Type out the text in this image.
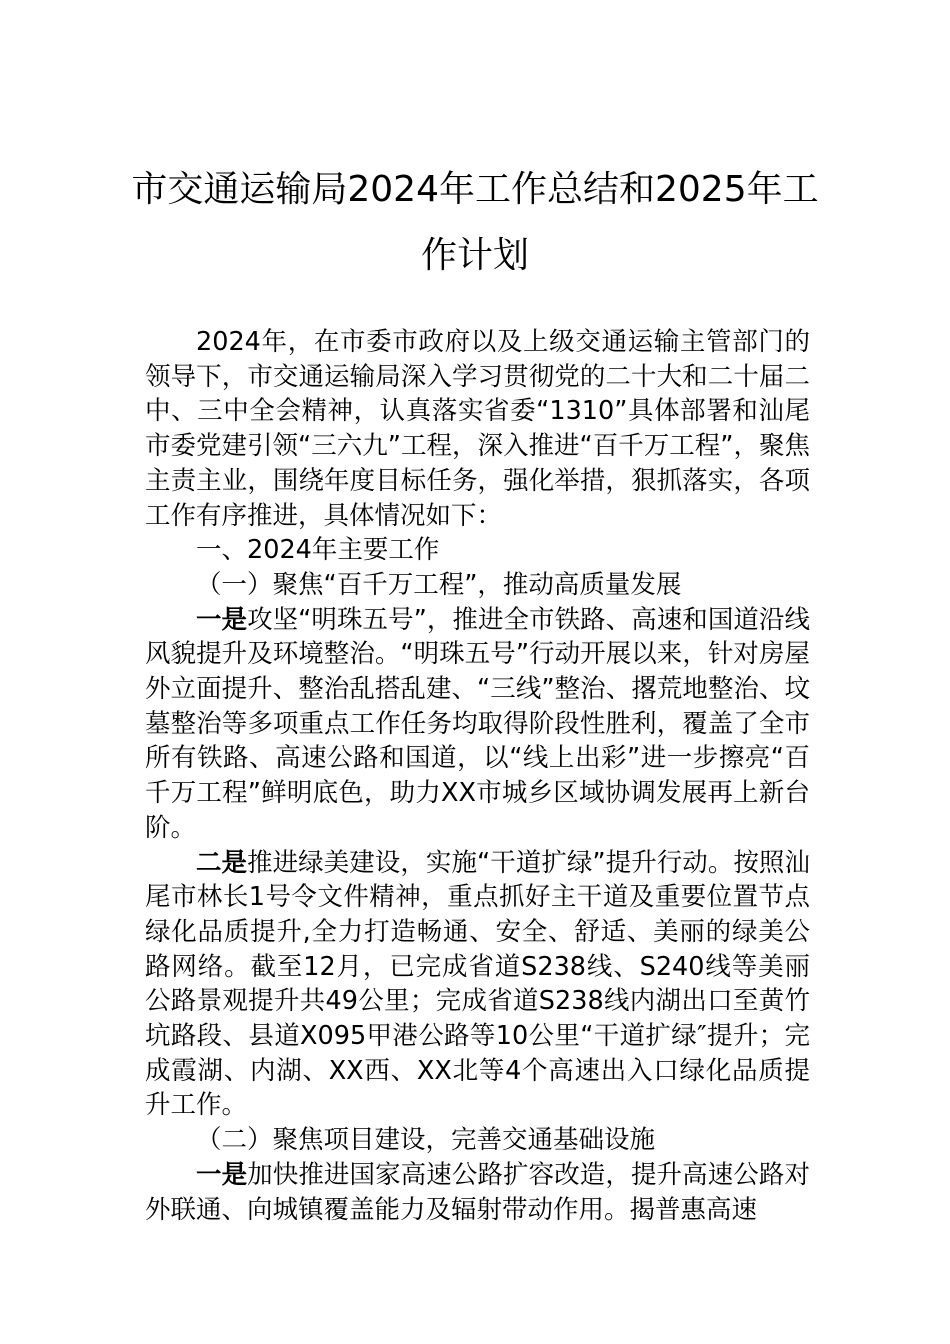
市交通运输局2024年工作总结和2025年工作计划

2024年，在市委市政府以及上级交通运输主管部门的领导下，市交通运输局深入学习贯彻党的二十大和二十届二中、三中全会精神，认真落实省委“1310”具体部署和汕尾市委党建引领“三六九”工程，深入推进“百千万工程”，聚焦主责主业，围绕年度目标任务，强化举措，狠抓落实，各项工作有序推进，具体情况如下：

一、2024年主要工作

（一）聚焦“百千万工程”，推动高质量发展

一是攻坚“明珠五号”，推进全市铁路、高速和国道沿线风貌提升及环境整治。“明珠五号”行动开展以来，针对房屋外立面提升、整治乱搭乱建、“三线”整治、撂荒地整治、坟墓整治等多项重点工作任务均取得阶段性胜利，覆盖了全市所有铁路、高速公路和国道，以“线上出彩”进一步擦亮“百千万工程”鲜明底色，助力XX市城乡区域协调发展再上新台阶。

二是推进绿美建设，实施“干道扩绿”提升行动。按照汕尾市林长1号令文件精神，重点抓好主干道及重要位置节点绿化品质提升,全力打造畅通、安全、舒适、美丽的绿美公路网络。截至12月，已完成省道S238线、S240线等美丽公路景观提升共49公里；完成省道S238线内湖出口至黄竹坑路段、县道X095甲港公路等10公里“干道扩绿″提升；完成霞湖、内湖、XX西、XX北等4个高速出入口绿化品质提升工作。

（二）聚焦项目建设，完善交通基础设施

一是加快推进国家高速公路扩容改造，提升高速公路对外联通、向城镇覆盖能力及辐射带动作用。揭普惠高速
